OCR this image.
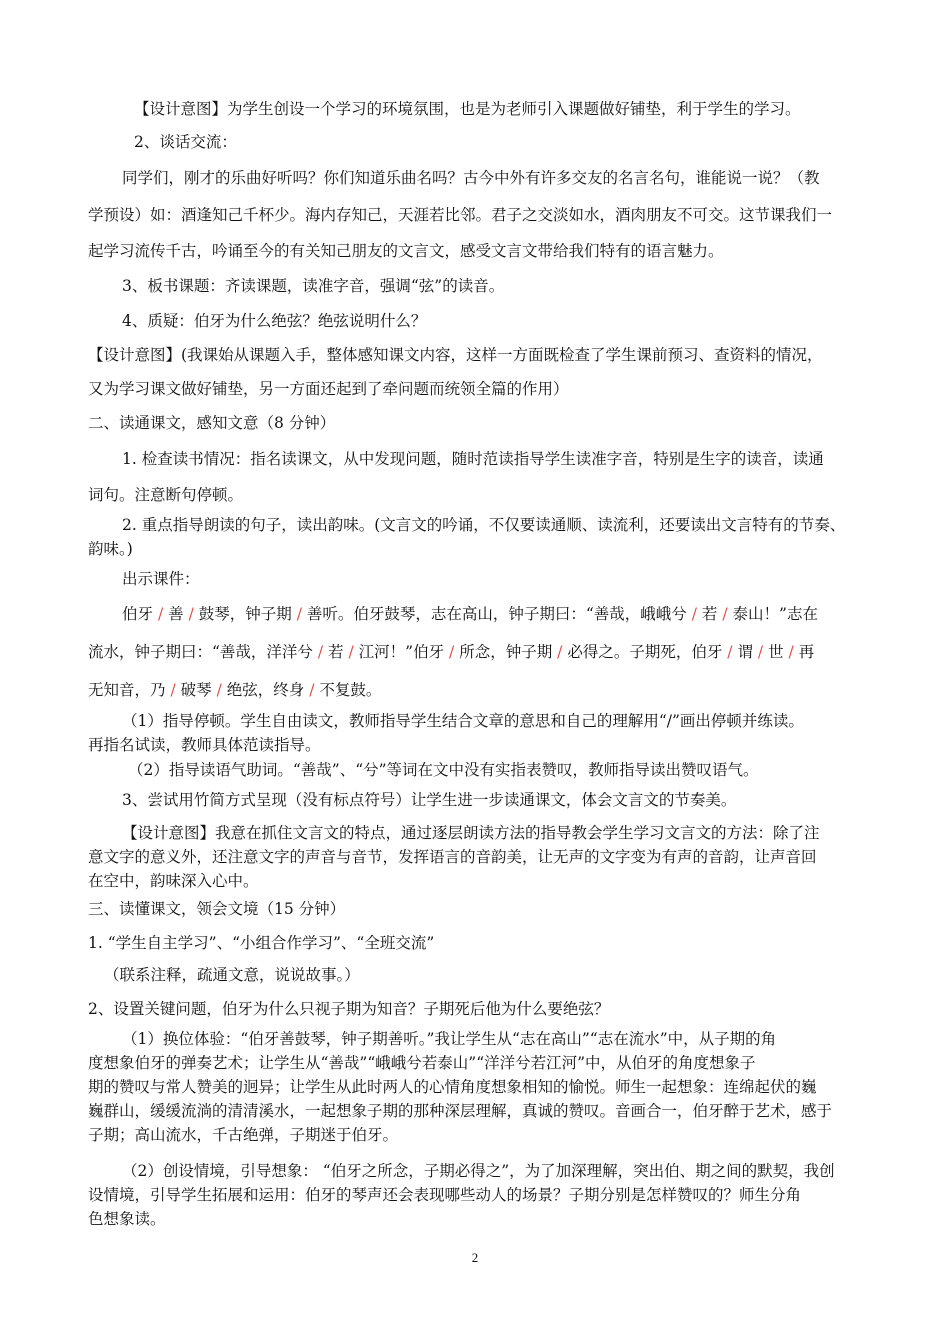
【设计意图】为学生创设一个学习的环境氛围，也是为老师引入课题做好铺垫，利于学生的学习。
2、谈话交流：
同学们，刚才的乐曲好听吗？你们知道乐曲名吗？古今中外有许多交友的名言名句，谁能说一说？（教
学预设）如：酒逢知己千杯少。海内存知己，天涯若比邻。君子之交淡如水，酒肉朋友不可交。这节课我们一
起学习流传千古，吟诵至今的有关知己朋友的文言文，感受文言文带给我们特有的语言魅力。
3、板书课题：齐读课题，读准字音，强调“弦”的读音。
4、质疑：伯牙为什么绝弦？绝弦说明什么？
【设计意图】(我课始从课题入手，整体感知课文内容，这样一方面既检查了学生课前预习、查资料的情况，
又为学习课文做好铺垫，另一方面还起到了牵问题而统领全篇的作用）
二、读通课文，感知文意（8 分钟）
1. 检查读书情况：指名读课文，从中发现问题，随时范读指导学生读准字音，特别是生字的读音，读通
词句。注意断句停顿。
2. 重点指导朗读的句子，读出韵味。(文言文的吟诵，不仅要读通顺、读流利，还要读出文言特有的节奏、
韵味。)
出示课件：
伯牙 / 善 / 鼓琴，钟子期 / 善听。伯牙鼓琴，志在高山，钟子期曰：“善哉，峨峨兮 / 若 / 泰山！”志在
流水，钟子期曰：“善哉，洋洋兮 / 若 / 江河！”伯牙 / 所念，钟子期 / 必得之。子期死，伯牙 / 谓 / 世 / 再
无知音，乃 / 破琴 / 绝弦，终身 / 不复鼓。
（1）指导停顿。学生自由读文，教师指导学生结合文章的意思和自己的理解用“/”画出停顿并练读。
再指名试读，教师具体范读指导。
（2）指导读语气助词。“善哉”、“兮”等词在文中没有实指表赞叹，教师指导读出赞叹语气。
3、尝试用竹简方式呈现（没有标点符号）让学生进一步读通课文，体会文言文的节奏美。
【设计意图】我意在抓住文言文的特点，通过逐层朗读方法的指导教会学生学习文言文的方法：除了注
意文字的意义外，还注意文字的声音与音节，发挥语言的音韵美，让无声的文字变为有声的音韵，让声音回
在空中，韵味深入心中。
三、读懂课文，领会文境（15 分钟）
1. “学生自主学习”、“小组合作学习”、“全班交流”
（联系注释，疏通文意，说说故事。）
2、设置关键问题，伯牙为什么只视子期为知音？子期死后他为什么要绝弦？
（1）换位体验：“伯牙善鼓琴，钟子期善听。”我让学生从“志在高山”“志在流水”中，从子期的角
度想象伯牙的弹奏艺术；让学生从“善哉”“峨峨兮若泰山”“洋洋兮若江河”中，从伯牙的角度想象子
期的赞叹与常人赞美的迥异；让学生从此时两人的心情角度想象相知的愉悦。师生一起想象：连绵起伏的巍
巍群山，缓缓流淌的清清溪水，一起想象子期的那种深层理解，真诚的赞叹。音画合一，伯牙醉于艺术，感于
子期；高山流水，千古绝弹，子期迷于伯牙。
（2）创设情境，引导想象： “伯牙之所念，子期必得之”，为了加深理解，突出伯、期之间的默契，我创
设情境，引导学生拓展和运用：伯牙的琴声还会表现哪些动人的场景？子期分别是怎样赞叹的？师生分角
色想象读。
2
